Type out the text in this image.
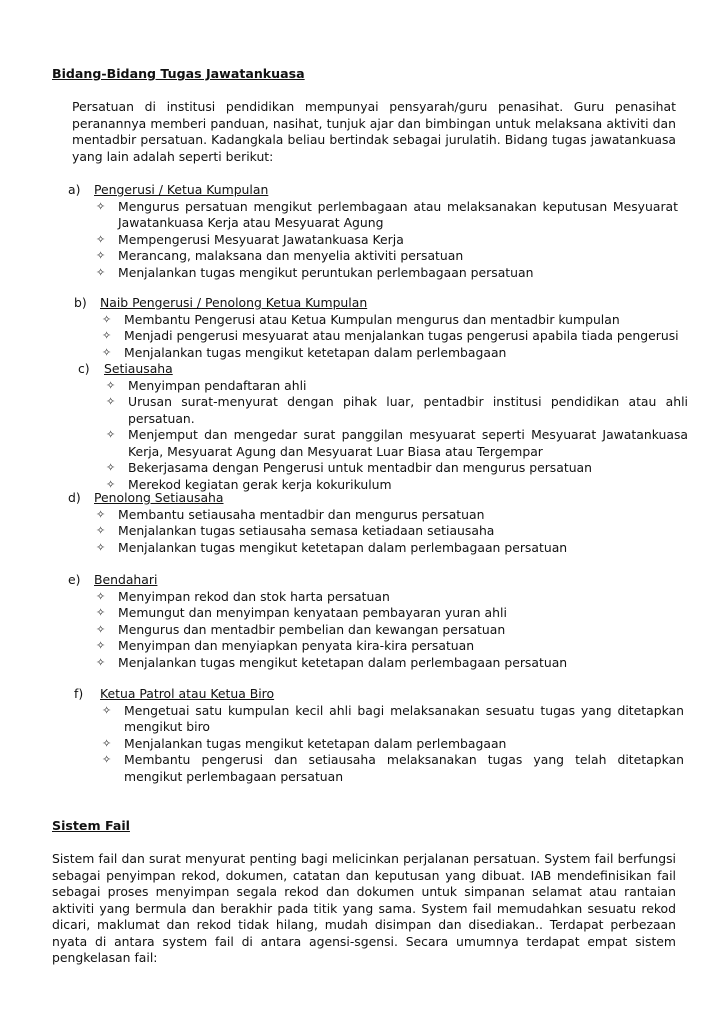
Bidang-Bidang Tugas Jawatankuasa
Persatuan di institusi pendidikan mempunyai pensyarah/guru penasihat. Guru penasihat peranannya memberi panduan, nasihat, tunjuk ajar dan bimbingan untuk melaksana aktiviti dan mentadbir persatuan. Kadangkala beliau bertindak sebagai jurulatih. Bidang tugas jawatankuasa yang lain adalah seperti berikut:
a)	Pengerusi / Ketua Kumpulan
✧	Mengurus persatuan mengikut perlembagaan atau melaksanakan keputusan Mesyuarat Jawatankuasa Kerja atau Mesyuarat Agung
✧	Mempengerusi Mesyuarat Jawatankuasa Kerja
✧	Merancang, malaksana dan menyelia aktiviti persatuan
✧	Menjalankan tugas mengikut peruntukan perlembagaan persatuan
b)	Naib Pengerusi / Penolong Ketua Kumpulan
✧	Membantu Pengerusi atau Ketua Kumpulan mengurus dan mentadbir kumpulan
✧	Menjadi pengerusi mesyuarat atau menjalankan tugas pengerusi apabila tiada pengerusi
✧	Menjalankan tugas mengikut ketetapan dalam perlembagaan
c)	Setiausaha
✧	Menyimpan pendaftaran ahli
✧	Urusan surat-menyurat dengan pihak luar, pentadbir institusi pendidikan atau ahli persatuan.
✧	Menjemput dan mengedar surat panggilan mesyuarat seperti Mesyuarat Jawatankuasa Kerja, Mesyuarat Agung dan Mesyuarat Luar Biasa atau Tergempar
✧	Bekerjasama dengan Pengerusi untuk mentadbir dan mengurus persatuan
✧	Merekod kegiatan gerak kerja kokurikulum
d)	Penolong Setiausaha
✧	Membantu setiausaha mentadbir dan mengurus persatuan
✧	Menjalankan tugas setiausaha semasa ketiadaan setiausaha
✧	Menjalankan tugas mengikut ketetapan dalam perlembagaan persatuan
e)	Bendahari
✧	Menyimpan rekod dan stok harta persatuan
✧	Memungut dan menyimpan kenyataan pembayaran yuran ahli
✧	Mengurus dan mentadbir pembelian dan kewangan persatuan
✧	Menyimpan dan menyiapkan penyata kira-kira persatuan
✧	Menjalankan tugas mengikut ketetapan dalam perlembagaan persatuan
f)	Ketua Patrol atau Ketua Biro
✧	Mengetuai satu kumpulan kecil ahli bagi melaksanakan sesuatu tugas yang ditetapkan mengikut biro
✧	Menjalankan tugas mengikut ketetapan dalam perlembagaan
✧	Membantu pengerusi dan setiausaha melaksanakan tugas yang telah ditetapkan mengikut perlembagaan persatuan
Sistem Fail
Sistem fail dan surat menyurat penting bagi melicinkan perjalanan persatuan. System fail berfungsi sebagai penyimpan rekod, dokumen, catatan dan keputusan yang dibuat. IAB mendefinisikan fail sebagai proses menyimpan segala rekod dan dokumen untuk simpanan selamat atau rantaian aktiviti yang bermula dan berakhir pada titik yang sama. System fail memudahkan sesuatu rekod dicari, maklumat dan rekod tidak hilang, mudah disimpan dan disediakan.. Terdapat perbezaan nyata di antara system fail di antara agensi-sgensi. Secara umumnya terdapat empat sistem pengkelasan fail:
